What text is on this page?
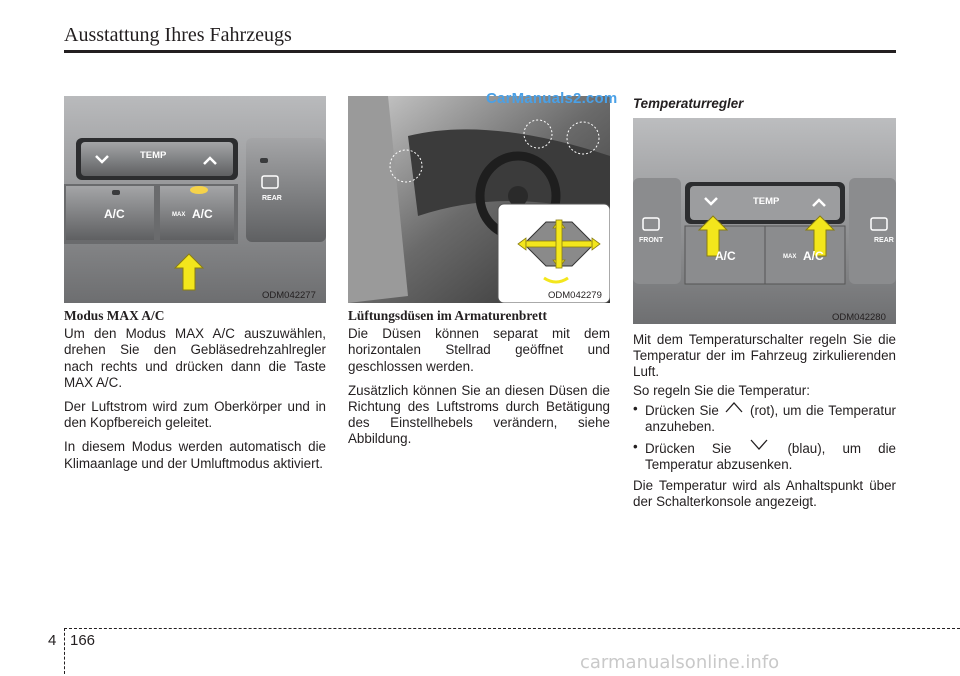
Ausstattung Ihres Fahrzeugs
TEMP
A/C	MAX A/C
REAR
ODM042277	ODM042279
CarManuals2.com
TEMP
FRONT	REAR
A/C	MAX A/C
ODM042280
Modus MAX A/C

Um den Modus MAX A/C auszuwählen, drehen Sie den Gebläsedrehzahlregler nach rechts und drücken dann die Taste MAX A/C.

Der Luftstrom wird zum Oberkörper und in den Kopfbereich geleitet.

In diesem Modus werden automatisch die Klimaanlage und der Umluftmodus aktiviert.

Lüftungsdüsen im Armaturenbrett

Die Düsen können separat mit dem horizontalen Stellrad geöffnet und geschlossen werden.

Zusätzlich können Sie an diesen Düsen die Richtung des Luftstroms durch Betätigung des Einstellhebels verändern, siehe Abbildung.

Temperaturregler

Mit dem Temperaturschalter regeln Sie die Temperatur der im Fahrzeug zirkulierenden Luft.

So regeln Sie die Temperatur:

• Drücken Sie (rot), um die Temperatur anzuheben.
• Drücken Sie	(blau), um die Temperatur abzusenken.

Die Temperatur wird als Anhaltspunkt über der Schalterkonsole angezeigt.

4 166
carmanualsonline.info
